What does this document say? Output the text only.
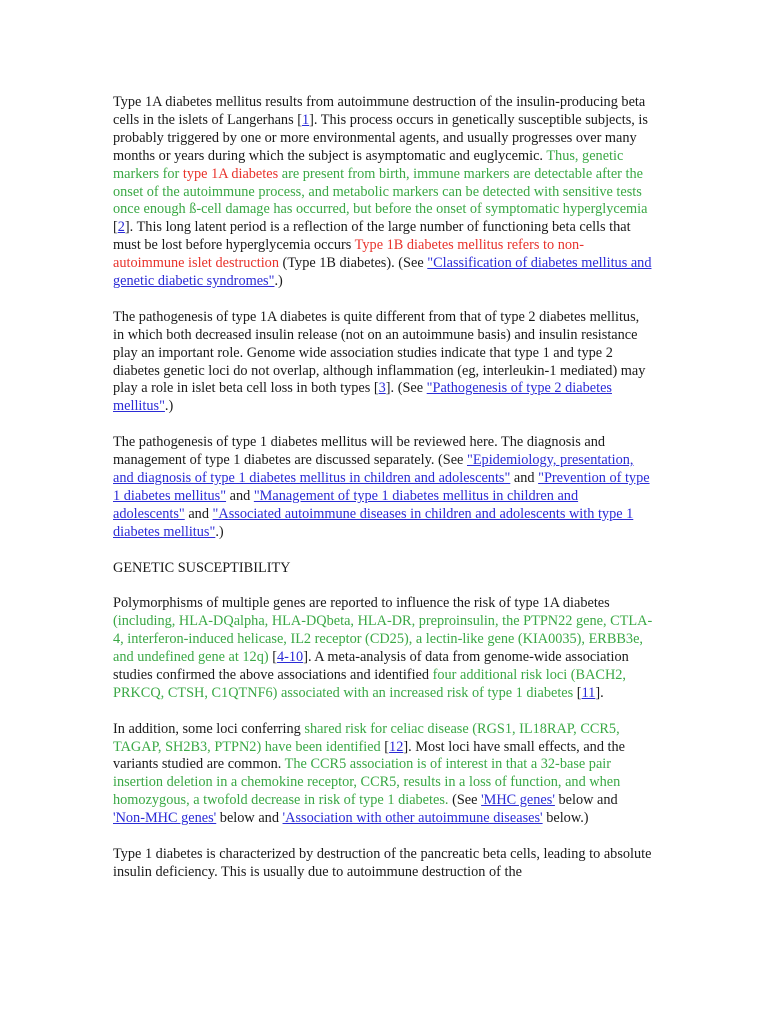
Type 1A diabetes mellitus results from autoimmune destruction of the insulin-producing beta cells in the islets of Langerhans [1]. This process occurs in genetically susceptible subjects, is probably triggered by one or more environmental agents, and usually progresses over many months or years during which the subject is asymptomatic and euglycemic. Thus, genetic markers for type 1A diabetes are present from birth, immune markers are detectable after the onset of the autoimmune process, and metabolic markers can be detected with sensitive tests once enough ß-cell damage has occurred, but before the onset of symptomatic hyperglycemia [2]. This long latent period is a reflection of the large number of functioning beta cells that must be lost before hyperglycemia occurs Type 1B diabetes mellitus refers to non-autoimmune islet destruction (Type 1B diabetes). (See "Classification of diabetes mellitus and genetic diabetic syndromes".)

The pathogenesis of type 1A diabetes is quite different from that of type 2 diabetes mellitus, in which both decreased insulin release (not on an autoimmune basis) and insulin resistance play an important role. Genome wide association studies indicate that type 1 and type 2 diabetes genetic loci do not overlap, although inflammation (eg, interleukin-1 mediated) may play a role in islet beta cell loss in both types [3]. (See "Pathogenesis of type 2 diabetes mellitus".)

The pathogenesis of type 1 diabetes mellitus will be reviewed here. The diagnosis and management of type 1 diabetes are discussed separately. (See "Epidemiology, presentation, and diagnosis of type 1 diabetes mellitus in children and adolescents" and "Prevention of type 1 diabetes mellitus" and "Management of type 1 diabetes mellitus in children and adolescents" and "Associated autoimmune diseases in children and adolescents with type 1 diabetes mellitus".)

GENETIC SUSCEPTIBILITY

Polymorphisms of multiple genes are reported to influence the risk of type 1A diabetes (including, HLA-DQalpha, HLA-DQbeta, HLA-DR, preproinsulin, the PTPN22 gene, CTLA-4, interferon-induced helicase, IL2 receptor (CD25), a lectin-like gene (KIA0035), ERBB3e, and undefined gene at 12q) [4-10]. A meta-analysis of data from genome-wide association studies confirmed the above associations and identified four additional risk loci (BACH2, PRKCQ, CTSH, C1QTNF6) associated with an increased risk of type 1 diabetes [11].

In addition, some loci conferring shared risk for celiac disease (RGS1, IL18RAP, CCR5, TAGAP, SH2B3, PTPN2) have been identified [12]. Most loci have small effects, and the variants studied are common. The CCR5 association is of interest in that a 32-base pair insertion deletion in a chemokine receptor, CCR5, results in a loss of function, and when homozygous, a twofold decrease in risk of type 1 diabetes. (See 'MHC genes' below and 'Non-MHC genes' below and 'Association with other autoimmune diseases' below.)

Type 1 diabetes is characterized by destruction of the pancreatic beta cells, leading to absolute insulin deficiency. This is usually due to autoimmune destruction of the
